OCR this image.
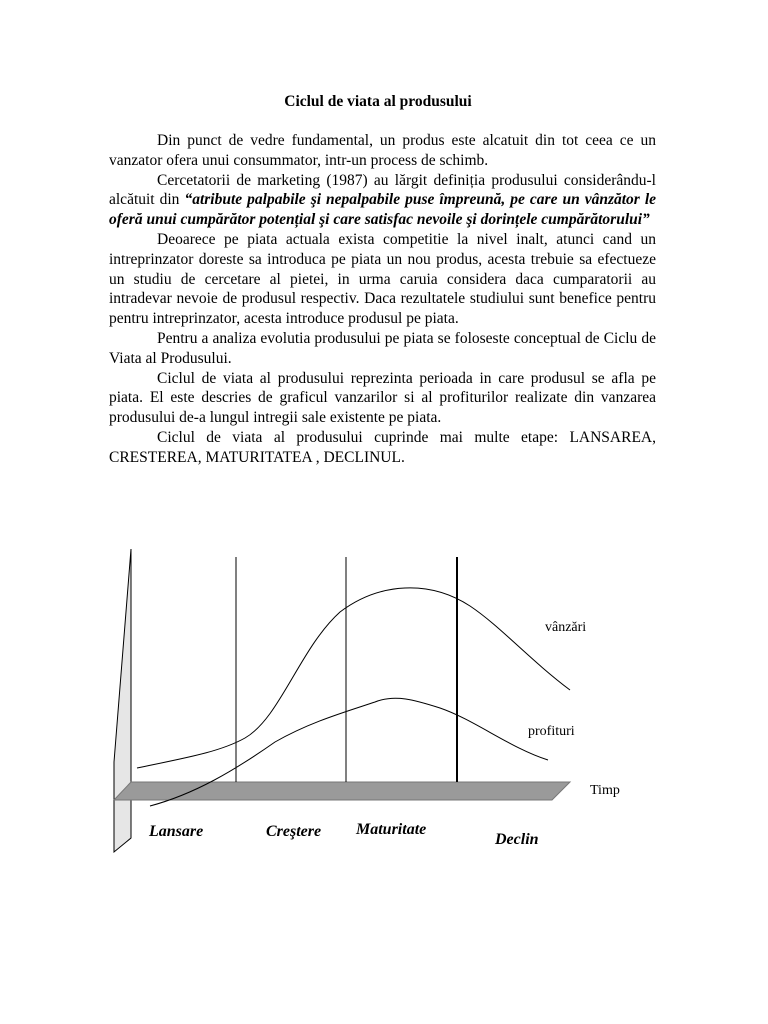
Ciclul de viata al produsului

Din punct de vedre fundamental, un produs este alcatuit din tot ceea ce un vanzator ofera unui consummator, intr-un process de schimb.

Cercetatorii de marketing (1987) au lărgit definiția produsului considerându-l alcătuit din “atribute palpabile şi nepalpabile puse împreună, pe care un vânzător le oferă unui cumpărător potențial şi care satisfac nevoile şi dorințele cumpărătorului”

Deoarece pe piata actuala exista competitie la nivel inalt, atunci cand un intreprinzator doreste sa introduca pe piata un nou produs, acesta trebuie sa efectueze un studiu de cercetare al pietei, in urma caruia considera daca cumparatorii au intradevar nevoie de produsul respectiv. Daca rezultatele studiului sunt benefice pentru pentru intreprinzator, acesta introduce produsul pe piata.

Pentru a analiza evolutia produsului pe piata se foloseste conceptual de Ciclu de Viata al Produsului.

Ciclul de viata al produsului reprezinta perioada in care produsul se afla pe piata. El este descries de graficul vanzarilor si al profiturilor realizate din vanzarea produsului de-a lungul intregii sale existente pe piata.

Ciclul de viata al produsului cuprinde mai multe etape: LANSAREA, CRESTEREA, MATURITATEA , DECLINUL.

vânzări
profituri
Timp
Lansare	Creştere Maturitate
Declin
